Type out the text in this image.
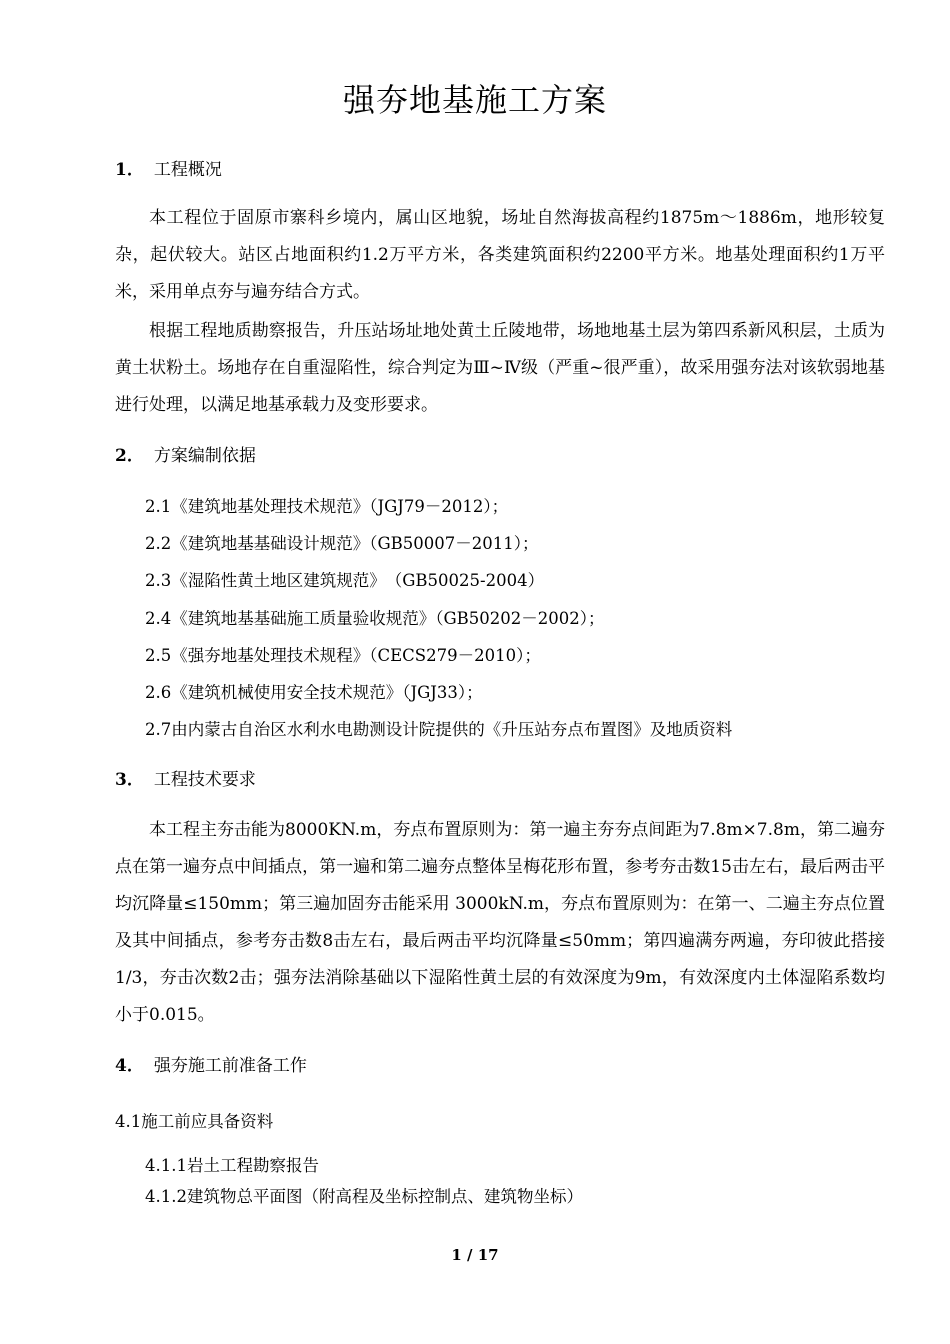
强夯地基施工方案
1． 工程概况

本工程位于固原市寨科乡境内，属山区地貌，场址自然海拔高程约1875m～1886m，地形较复杂，起伏较大。站区占地面积约1.2万平方米，各类建筑面积约2200平方米。地基处理面积约1万平米，采用单点夯与遍夯结合方式。

根据工程地质勘察报告，升压站场址地处黄土丘陵地带，场地地基土层为第四系新风积层，土质为黄土状粉土。场地存在自重湿陷性，综合判定为Ⅲ~Ⅳ级（严重~很严重），故采用强夯法对该软弱地基进行处理，以满足地基承载力及变形要求。

2． 方案编制依据
2.1《建筑地基处理技术规范》（JGJ79－2012）；
2.2《建筑地基基础设计规范》（GB50007－2011）；
2.3《湿陷性黄土地区建筑规范》　（GB50025-2004）
2.4《建筑地基基础施工质量验收规范》（GB50202－2002）；
2.5《强夯地基处理技术规程》（CECS279－2010）；
2.6《建筑机械使用安全技术规范》（JGJ33）；
2.7由内蒙古自治区水利水电勘测设计院提供的《升压站夯点布置图》及地质资料
3． 工程技术要求

本工程主夯击能为8000KN.m，夯点布置原则为：第一遍主夯夯点间距为7.8m×7.8m，第二遍夯点在第一遍夯点中间插点，第一遍和第二遍夯点整体呈梅花形布置，参考夯击数15击左右，最后两击平均沉降量≤150mm；第三遍加固夯击能采用 3000kN.m，夯点布置原则为：在第一、二遍主夯点位置及其中间插点，参考夯击数8击左右，最后两击平均沉降量≤50mm；第四遍满夯两遍，夯印彼此搭接1/3，夯击次数2击；强夯法消除基础以下湿陷性黄土层的有效深度为9m，有效深度内土体湿陷系数均小于0.015。

4． 强夯施工前准备工作
4.1施工前应具备资料
4.1.1岩土工程勘察报告
4.1.2建筑物总平面图（附高程及坐标控制点、建筑物坐标）
1 / 17
